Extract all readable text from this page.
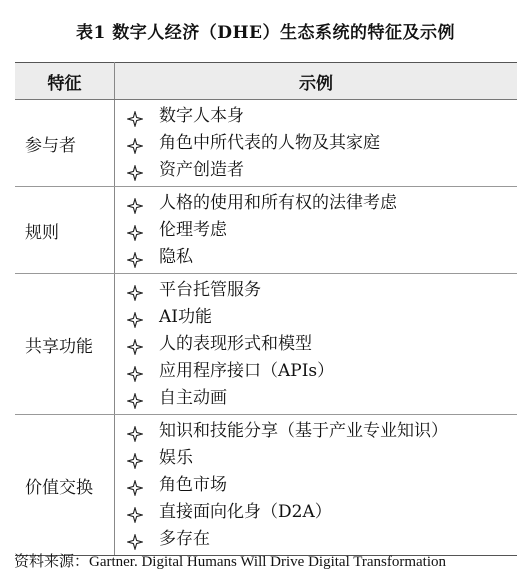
表1 数字人经济（DHE）生态系统的特征及示例
特征	示例
参与者	数字人本身
角色中所代表的人物及其家庭
资产创造者

规则	人格的使用和所有权的法律考虑
伦理考虑
隐私

共享功能	平台托管服务
AI功能
人的表现形式和模型
应用程序接口（APIs）
自主动画

价值交换	知识和技能分享（基于产业专业知识）
娱乐
角色市场
直接面向化身（D2A）
多存在
资料来源：Gartner. Digital Humans Will Drive Digital Transformation
